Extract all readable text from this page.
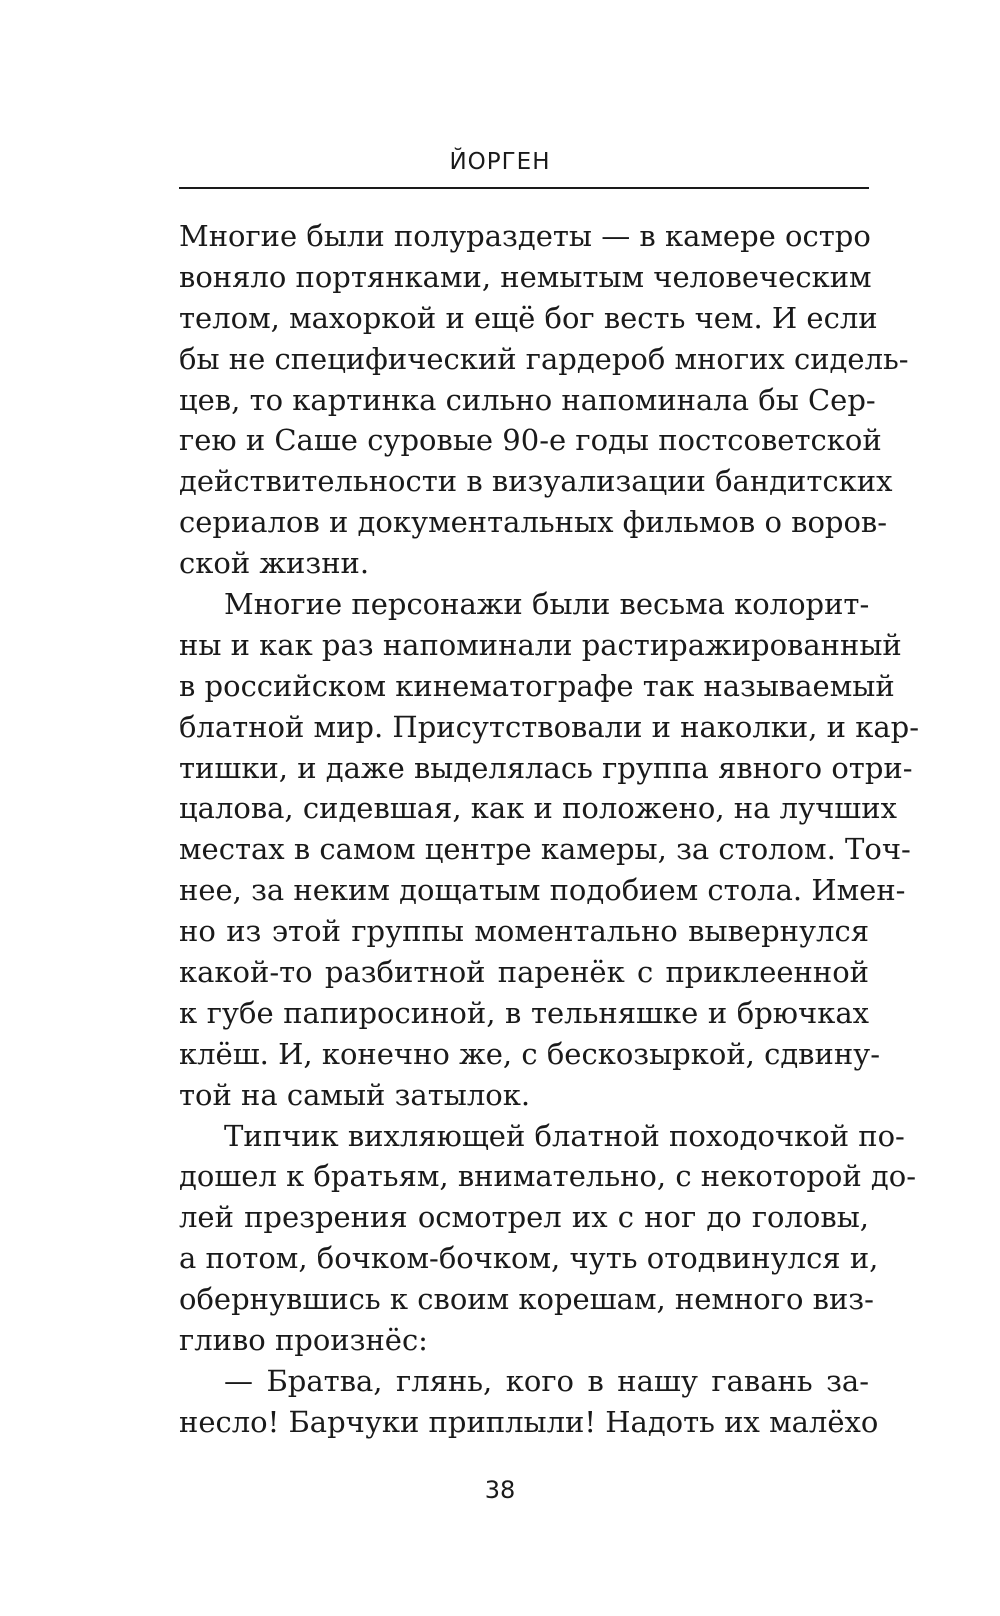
ЙОРГЕН
Многие были полураздеты — в камере остро
воняло портянками, немытым человеческим
телом, махоркой и ещё бог весть чем. И если
бы не специфический гардероб многих сидель-
цев, то картинка сильно напоминала бы Сер-
гею и Саше суровые 90-е годы постсоветской
действительности в визуализации бандитских
сериалов и документальных фильмов о воров-
ской жизни.
Многие персонажи были весьма колорит-
ны и как раз напоминали растиражированный
в российском кинематографе так называемый
блатной мир. Присутствовали и наколки, и кар-
тишки, и даже выделялась группа явного отри-
цалова, сидевшая, как и положено, на лучших
местах в самом центре камеры, за столом. Точ-
нее, за неким дощатым подобием стола. Имен-
но из этой группы моментально вывернулся
какой-то разбитной паренёк с приклеенной
к губе папиросиной, в тельняшке и брючках
клёш. И, конечно же, с бескозыркой, сдвину-
той на самый затылок.
Типчик вихляющей блатной походочкой по-
дошел к братьям, внимательно, с некоторой до-
лей презрения осмотрел их с ног до головы,
а потом, бочком-бочком, чуть отодвинулся и,
обернувшись к своим корешам, немного виз-
гливо произнёс:
— Братва, глянь, кого в нашу гавань за-
несло! Барчуки приплыли! Надоть их малёхо
38
